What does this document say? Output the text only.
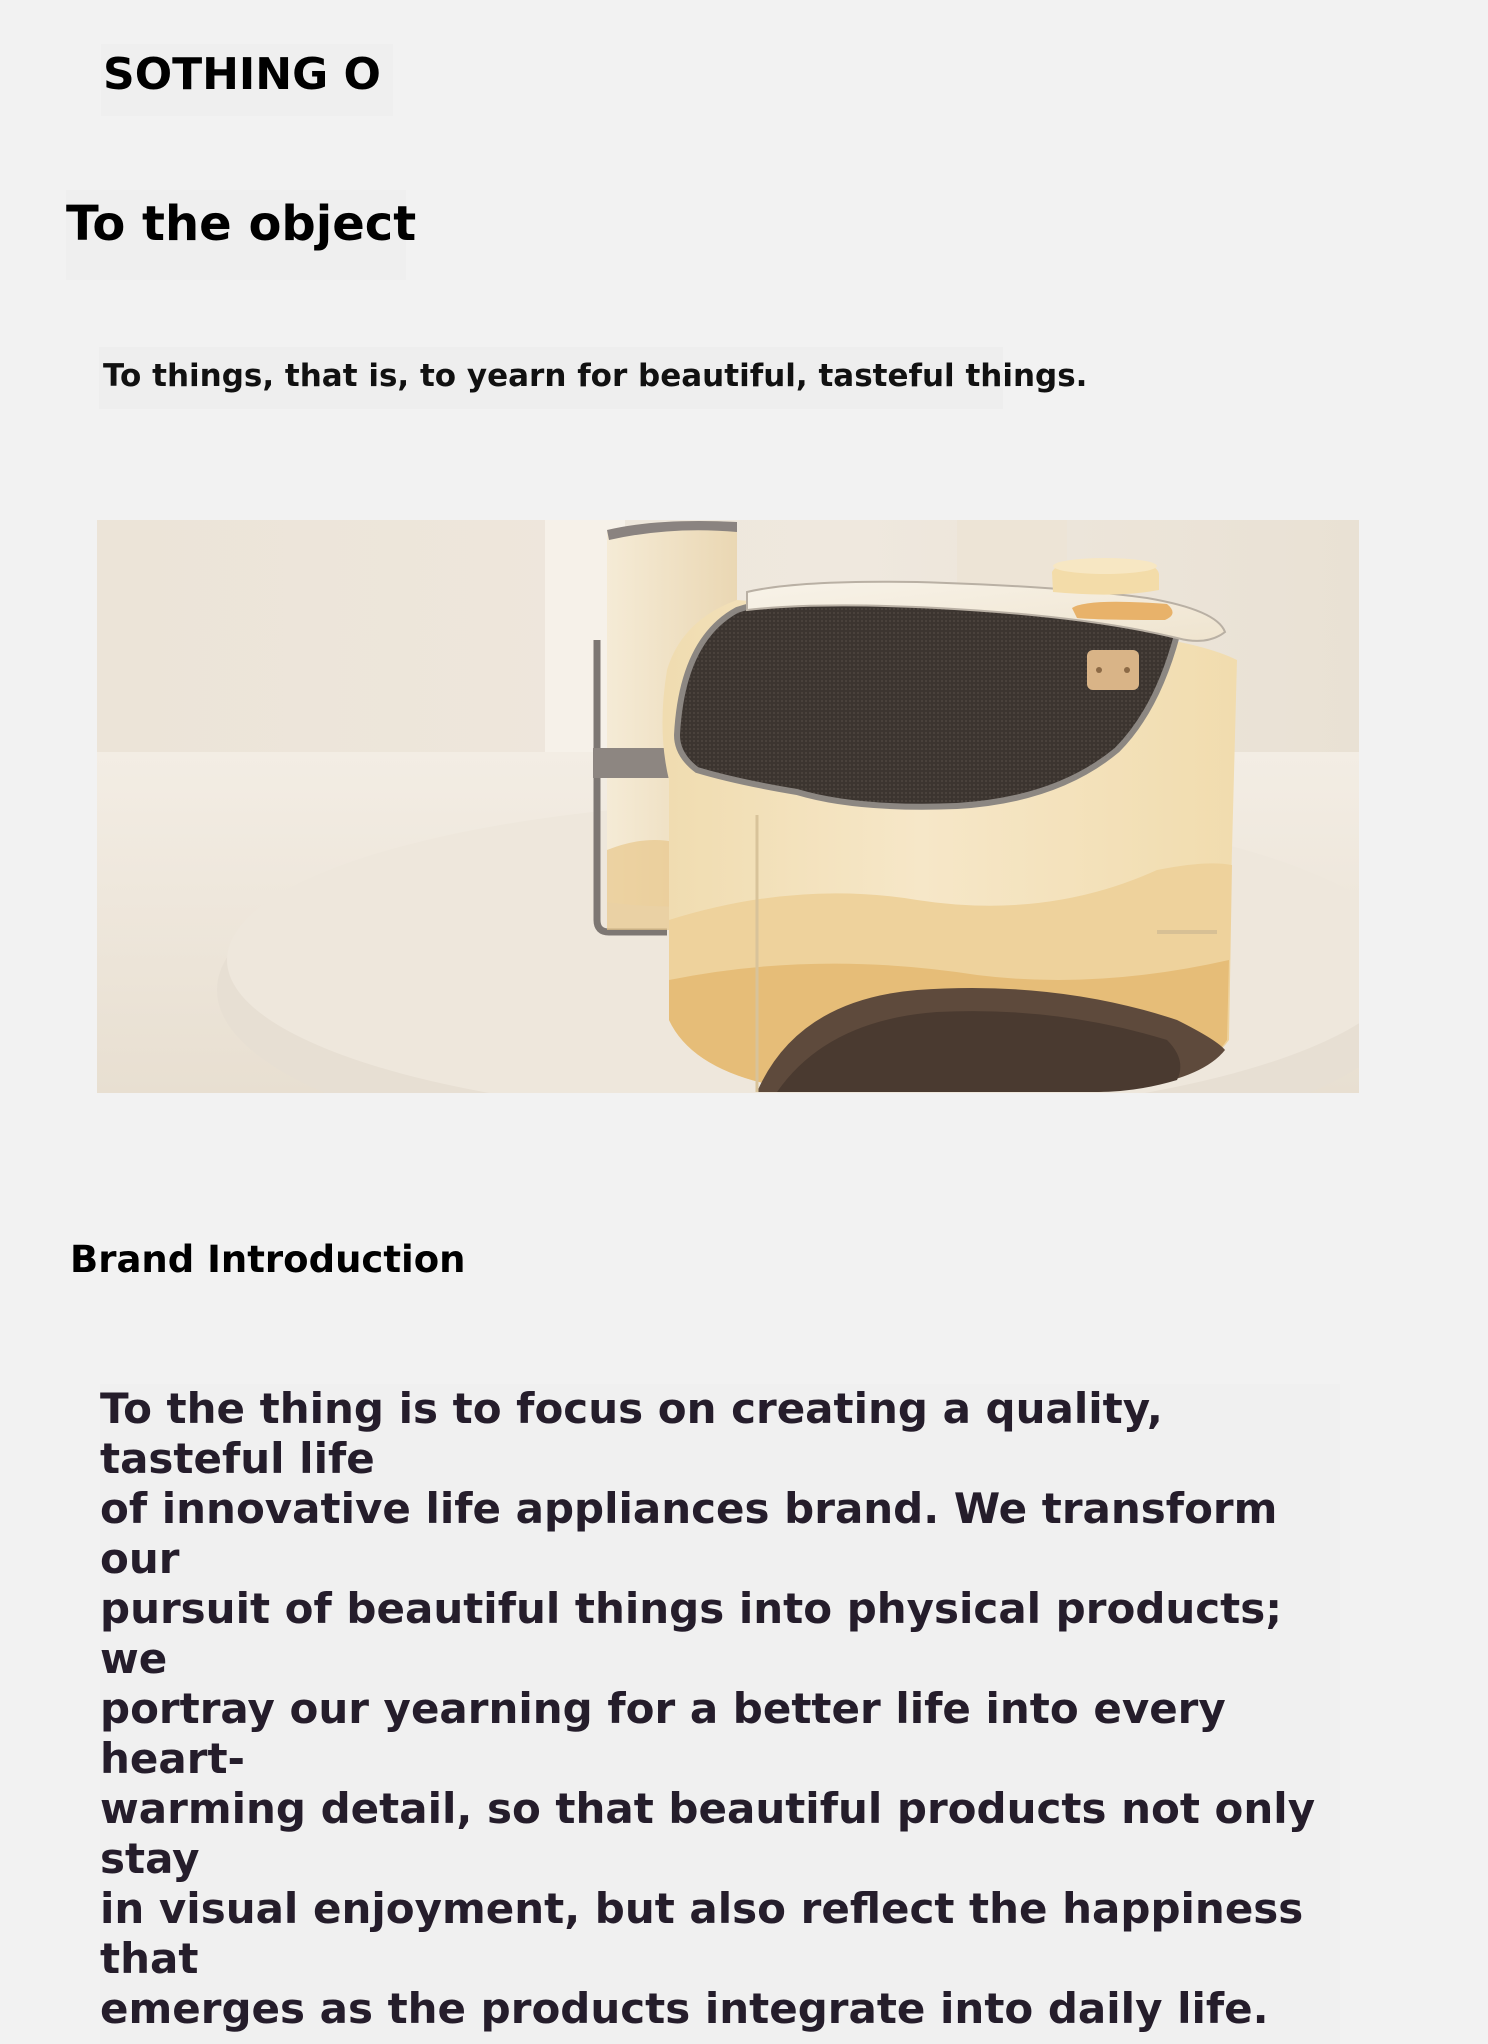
SOTHING O
To the object
To things, that is, to yearn for beautiful, tasteful things.
Brand Introduction
To the thing is to focus on creating a quality, tasteful life
of innovative life appliances brand. We transform our
pursuit of beautiful things into physical products; we
portray our yearning for a better life into every heart-
warming detail, so that beautiful products not only stay
in visual enjoyment, but also reflect the happiness that
emerges as the products integrate into daily life.
